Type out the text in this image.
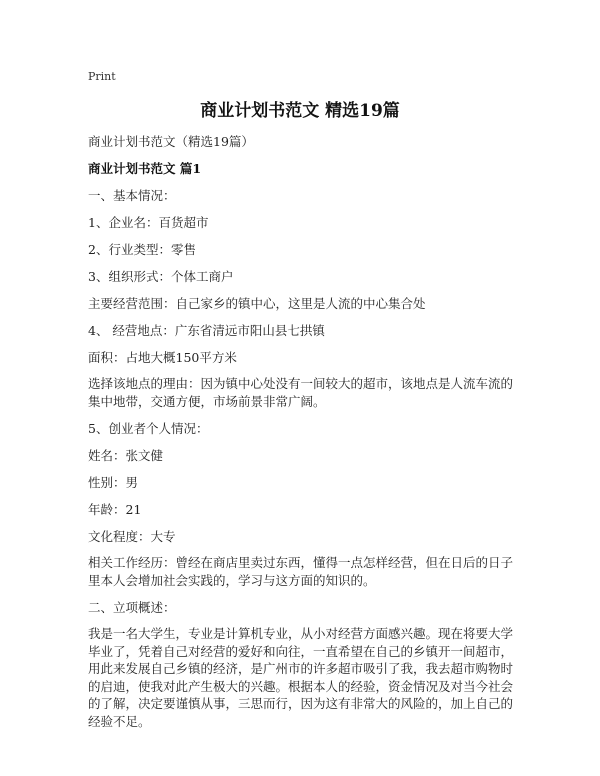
Print
商业计划书范文 精选19篇

商业计划书范文（精选19篇）

商业计划书范文 篇1

一、基本情况：

1、企业名：百货超市

2、行业类型：零售

3、组织形式：个体工商户

主要经营范围：自己家乡的镇中心，这里是人流的中心集合处

4、 经营地点：广东省清远市阳山县七拱镇

面积：占地大概150平方米

选择该地点的理由：因为镇中心处没有一间较大的超市，该地点是人流车流的集中地带，交通方便，市场前景非常广阔。

5、创业者个人情况：

姓名：张文健

性别：男

年龄：21

文化程度：大专

相关工作经历：曾经在商店里卖过东西，懂得一点怎样经营，但在日后的日子里本人会增加社会实践的，学习与这方面的知识的。

二、立项概述：

我是一名大学生，专业是计算机专业，从小对经营方面感兴趣。现在将要大学毕业了，凭着自己对经营的爱好和向往，一直希望在自己的乡镇开一间超市，用此来发展自己乡镇的经济，是广州市的许多超市吸引了我，我去超市购物时的启迪，使我对此产生极大的兴趣。根据本人的经验，资金情况及对当今社会的了解，决定要谨慎从事，三思而行，因为这有非常大的风险的，加上自己的经验不足。
